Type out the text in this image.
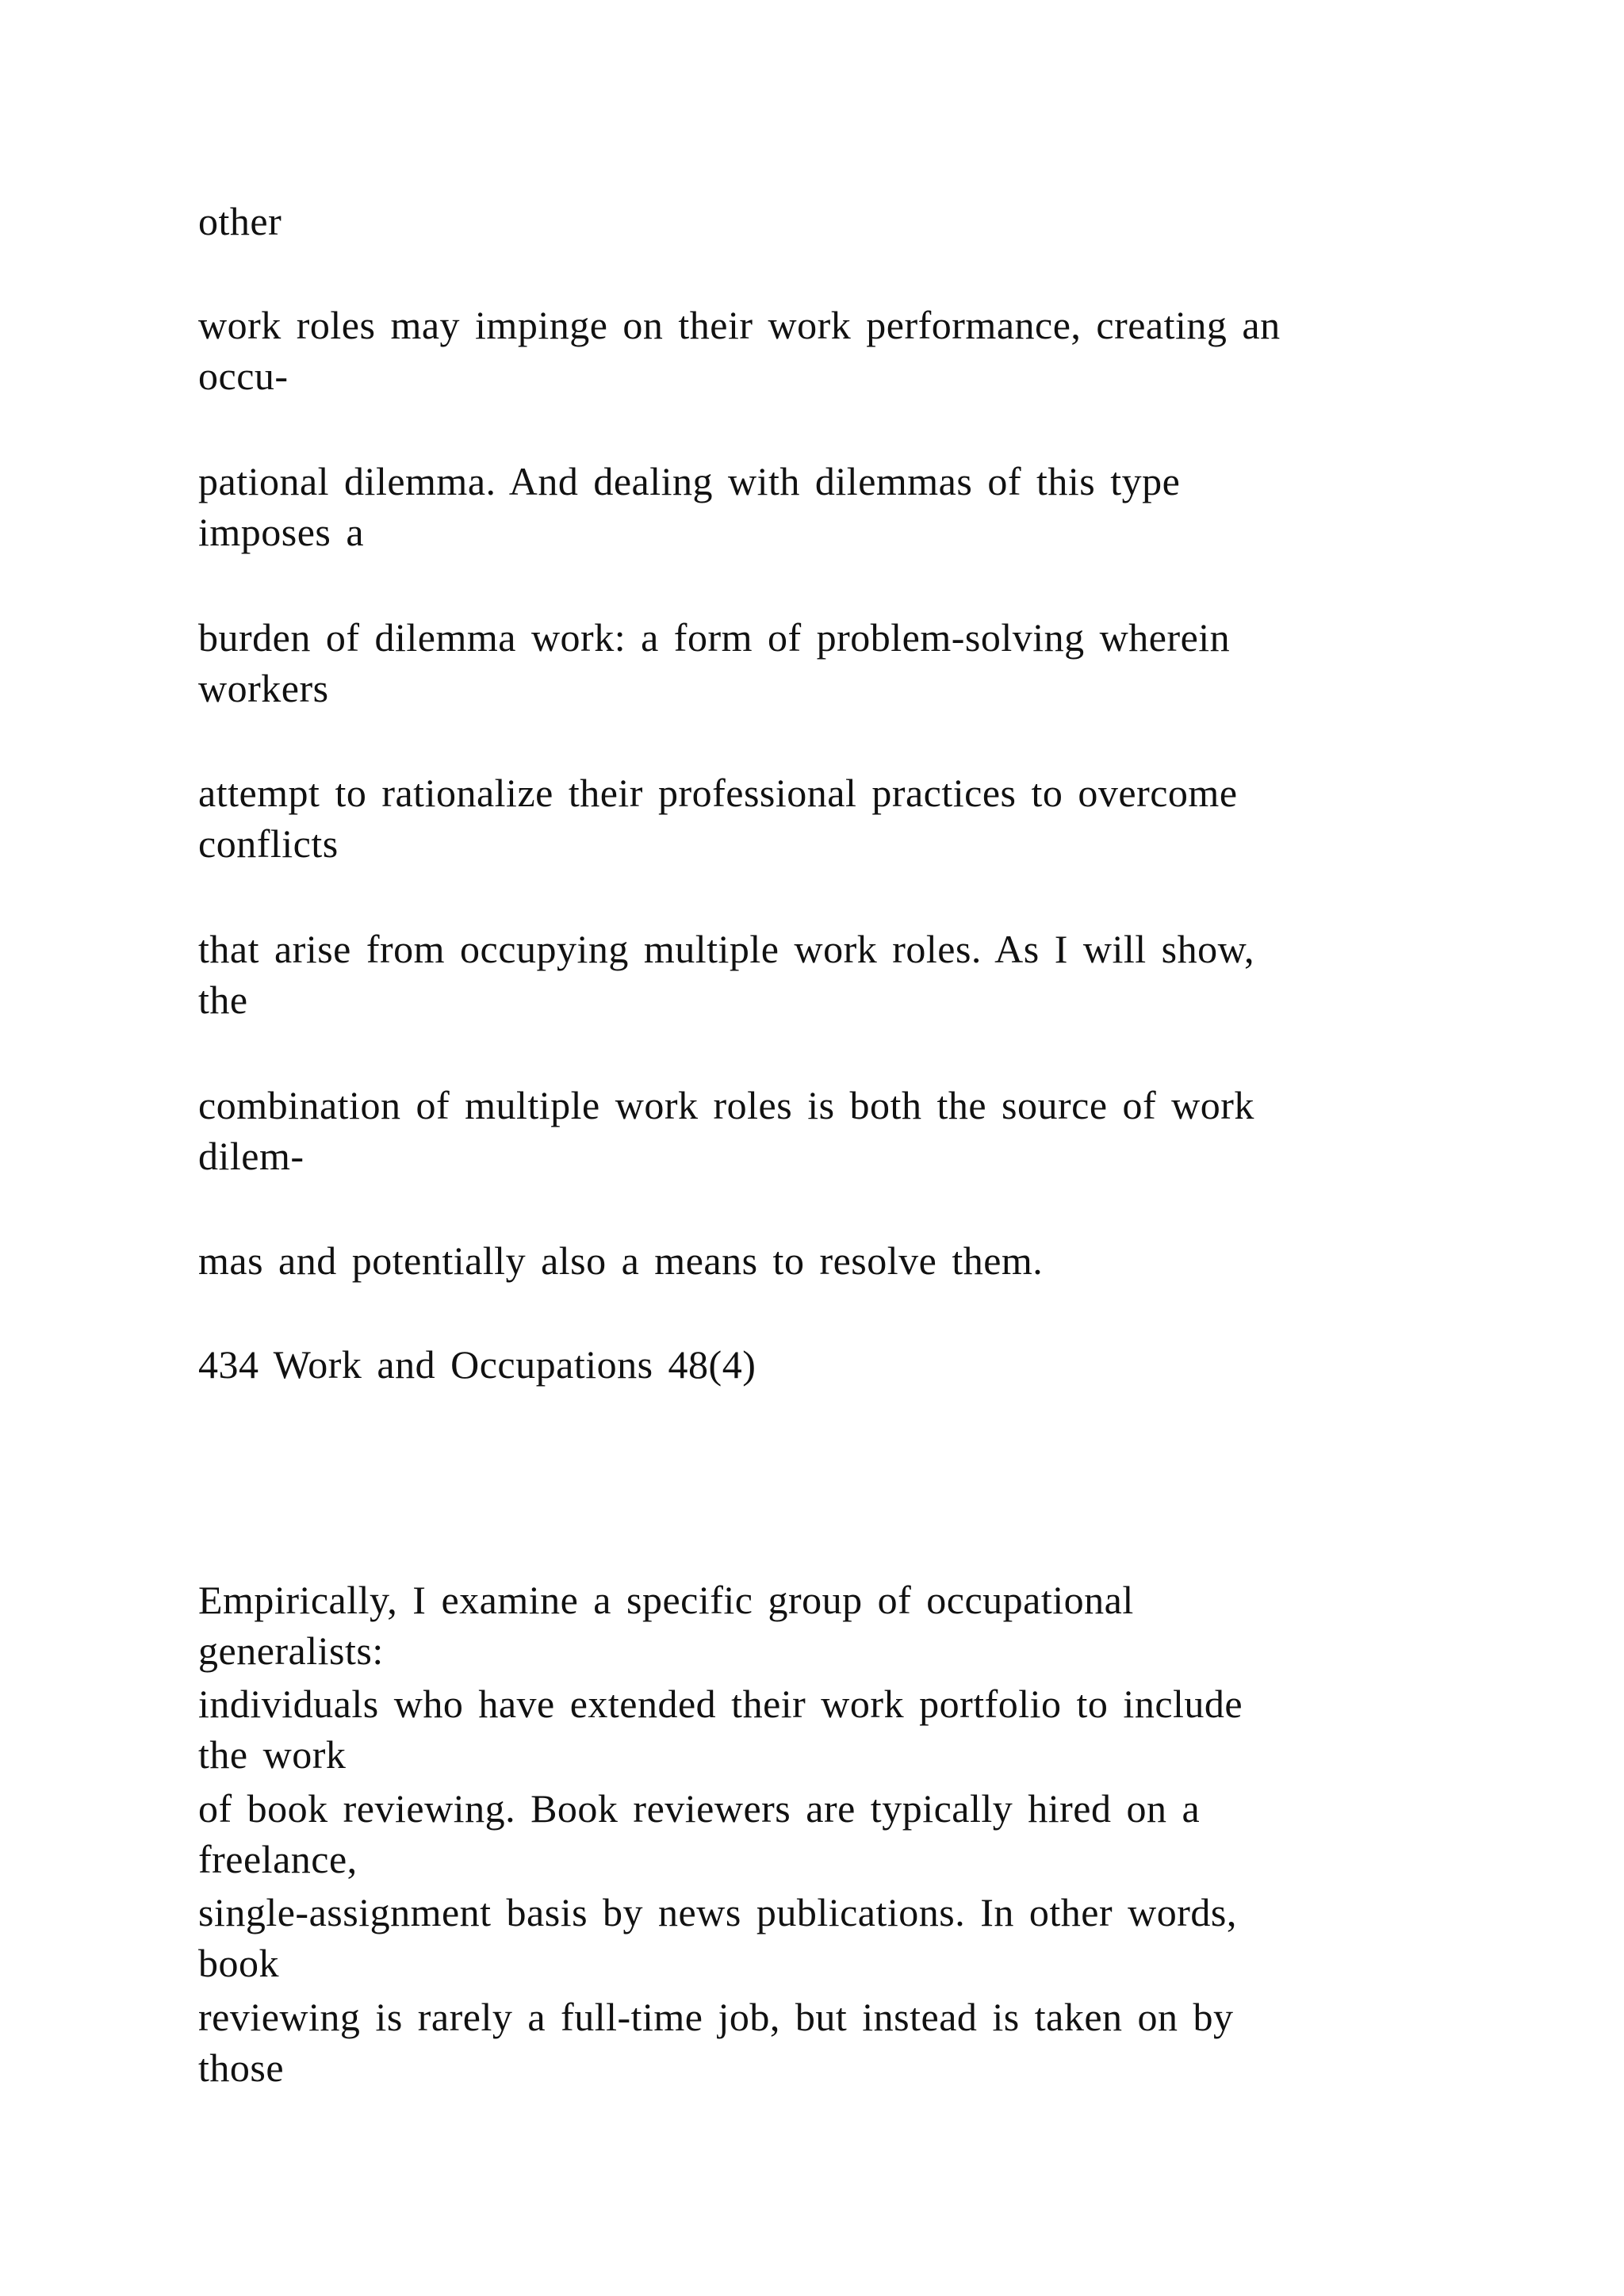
other
work roles may impinge on their work performance, creating an
occu-
pational dilemma. And dealing with dilemmas of this type
imposes a
burden of dilemma work: a form of problem-solving wherein
workers
attempt to rationalize their professional practices to overcome
conflicts
that arise from occupying multiple work roles. As I will show,
the
combination of multiple work roles is both the source of work
dilem-
mas and potentially also a means to resolve them.
434 Work and Occupations 48(4)
Empirically, I examine a specific group of occupational
generalists:
individuals who have extended their work portfolio to include
the work
of book reviewing. Book reviewers are typically hired on a
freelance,
single-assignment basis by news publications. In other words,
book
reviewing is rarely a full-time job, but instead is taken on by
those
